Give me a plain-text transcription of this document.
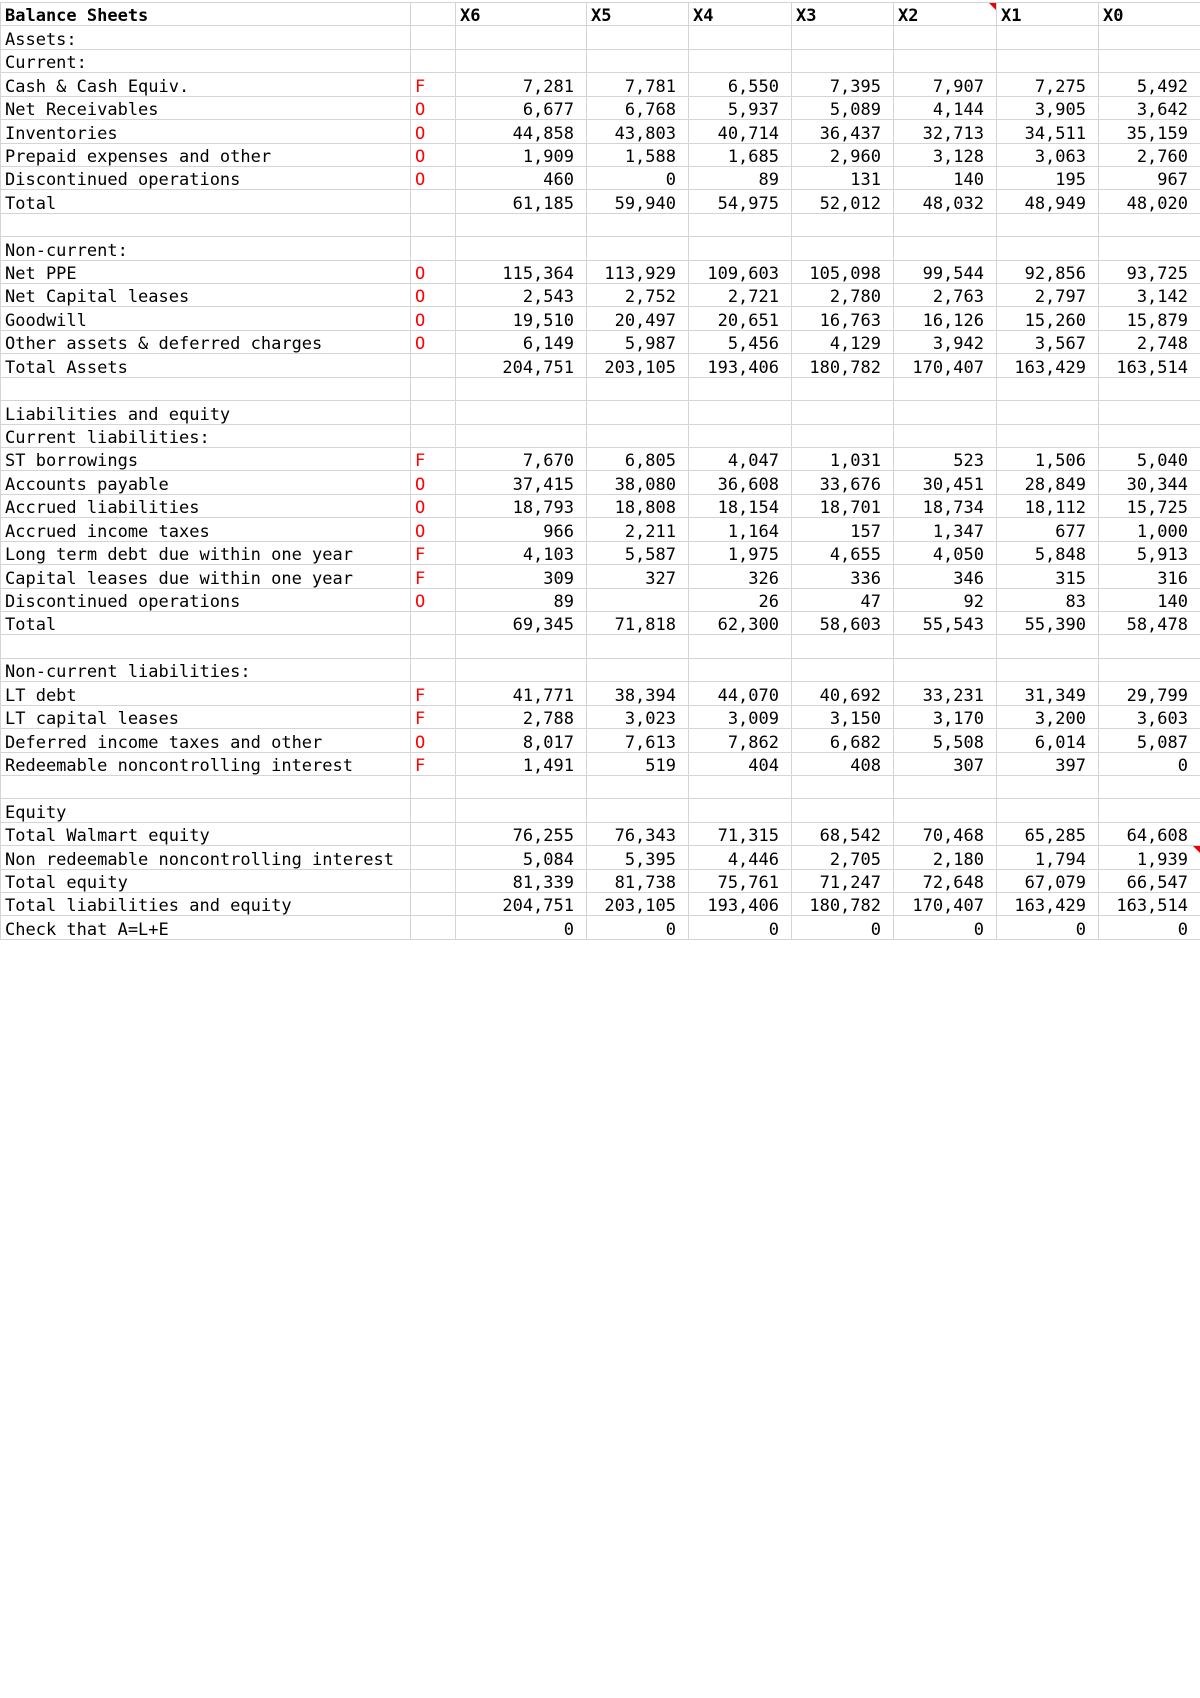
Balance Sheets		X6	X5	X4	X3	X2	X1	X0
Assets:								
Current:								
Cash & Cash Equiv.	F	7,281	7,781	6,550	7,395	7,907	7,275	5,492
Net Receivables	O	6,677	6,768	5,937	5,089	4,144	3,905	3,642
Inventories	O	44,858	43,803	40,714	36,437	32,713	34,511	35,159
Prepaid expenses and other	O	1,909	1,588	1,685	2,960	3,128	3,063	2,760
Discontinued operations	O	460	0	89	131	140	195	967
Total		61,185	59,940	54,975	52,012	48,032	48,949	48,020

Non-current:								
Net PPE	O	115,364	113,929	109,603	105,098	99,544	92,856	93,725
Net Capital leases	O	2,543	2,752	2,721	2,780	2,763	2,797	3,142
Goodwill	O	19,510	20,497	20,651	16,763	16,126	15,260	15,879
Other assets & deferred charges	O	6,149	5,987	5,456	4,129	3,942	3,567	2,748
Total Assets		204,751	203,105	193,406	180,782	170,407	163,429	163,514

Liabilities and equity								
Current liabilities:								
ST borrowings	F	7,670	6,805	4,047	1,031	523	1,506	5,040
Accounts payable	O	37,415	38,080	36,608	33,676	30,451	28,849	30,344
Accrued liabilities	O	18,793	18,808	18,154	18,701	18,734	18,112	15,725
Accrued income taxes	O	966	2,211	1,164	157	1,347	677	1,000
Long term debt due within one year	F	4,103	5,587	1,975	4,655	4,050	5,848	5,913
Capital leases due within one year	F	309	327	326	336	346	315	316
Discontinued operations	O	89		26	47	92	83	140
Total		69,345	71,818	62,300	58,603	55,543	55,390	58,478

Non-current liabilities:								
LT debt	F	41,771	38,394	44,070	40,692	33,231	31,349	29,799
LT capital leases	F	2,788	3,023	3,009	3,150	3,170	3,200	3,603
Deferred income taxes and other	O	8,017	7,613	7,862	6,682	5,508	6,014	5,087
Redeemable noncontrolling interest	F	1,491	519	404	408	307	397	0

Equity								
Total Walmart equity		76,255	76,343	71,315	68,542	70,468	65,285	64,608
Non redeemable noncontrolling interest		5,084	5,395	4,446	2,705	2,180	1,794	1,939

Total equity		81,339	81,738	75,761	71,247	72,648	67,079	66,547
Total liabilities and equity		204,751	203,105	193,406	180,782	170,407	163,429	163,514
Check that A=L+E		0	0	0	0	0	0	0
